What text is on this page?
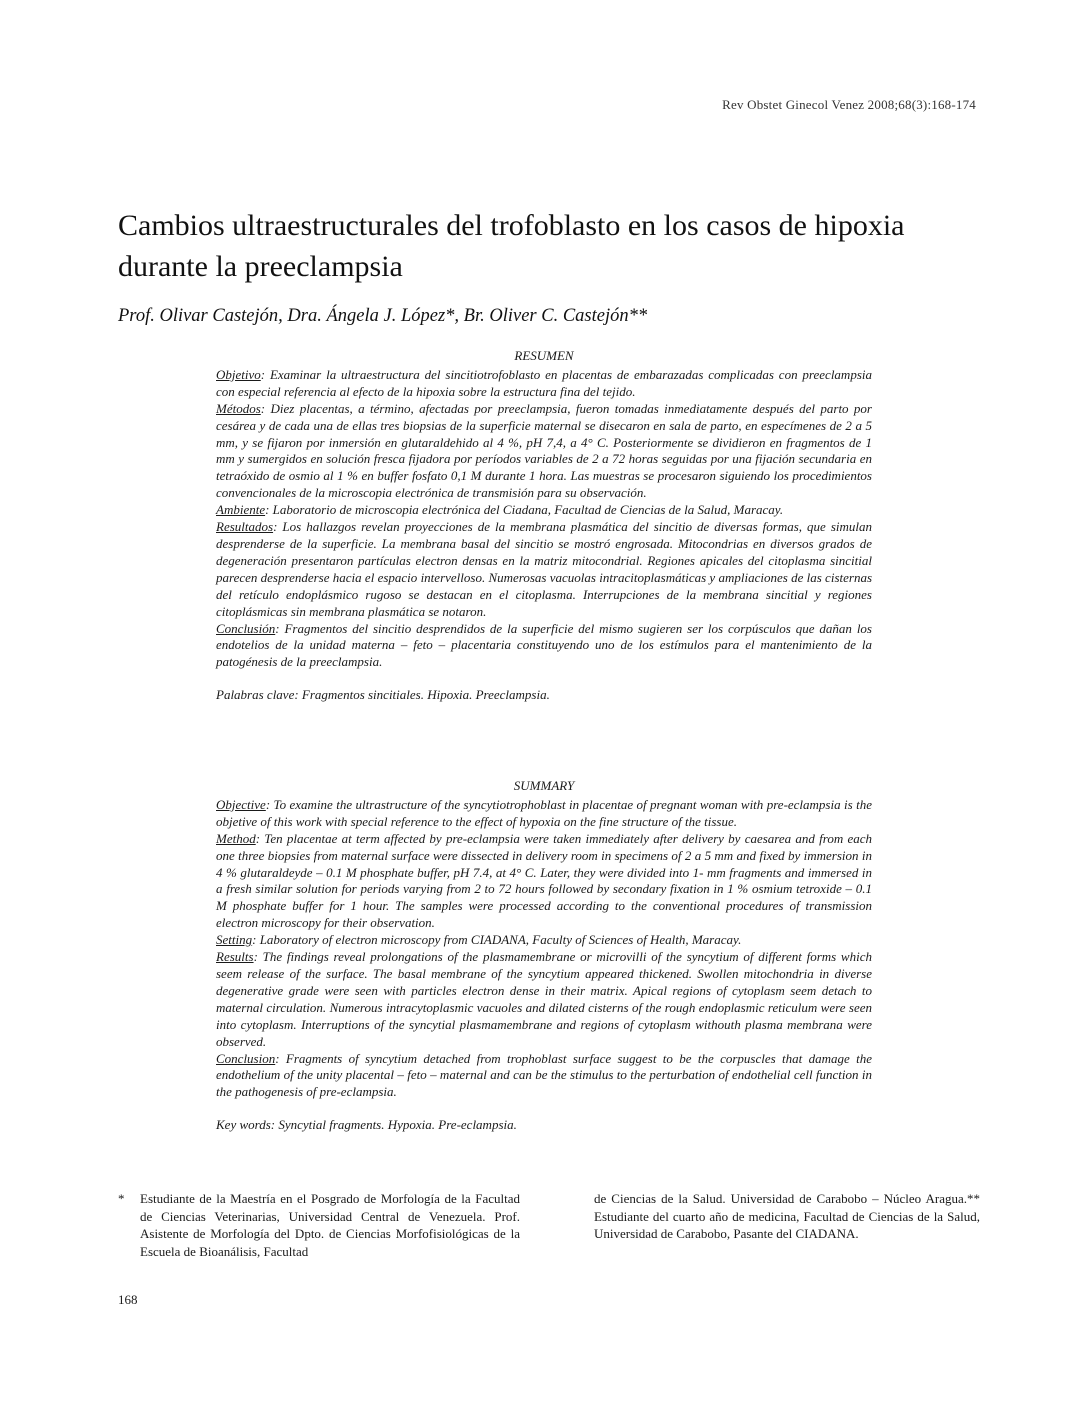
Rev Obstet Ginecol Venez 2008;68(3):168-174
Cambios ultraestructurales del trofoblasto en los casos de hipoxia durante la preeclampsia
Prof. Olivar Castejón, Dra. Ángela J. López*, Br. Oliver C. Castejón**

RESUMEN

Objetivo: Examinar la ultraestructura del sincitiotrofoblasto en placentas de embarazadas complicadas con preeclampsia con especial referencia al efecto de la hipoxia sobre la estructura fina del tejido.

Métodos: Diez placentas, a término, afectadas por preeclampsia, fueron tomadas inmediatamente después del parto por cesárea y de cada una de ellas tres biopsias de la superficie maternal se disecaron en sala de parto, en especímenes de 2 a 5 mm, y se fijaron por inmersión en glutaraldehido al 4 %, pH 7,4, a 4° C. Posteriormente se dividieron en fragmentos de 1 mm y sumergidos en solución fresca fijadora por períodos variables de 2 a 72 horas seguidas por una fijación secundaria en tetraóxido de osmio al 1 % en buffer fosfato 0,1 M durante 1 hora. Las muestras se procesaron siguiendo los procedimientos convencionales de la microscopia electrónica de transmisión para su observación.

Ambiente: Laboratorio de microscopia electrónica del Ciadana, Facultad de Ciencias de la Salud, Maracay.

Resultados: Los hallazgos revelan proyecciones de la membrana plasmática del sincitio de diversas formas, que simulan desprenderse de la superficie. La membrana basal del sincitio se mostró engrosada. Mitocondrias en diversos grados de degeneración presentaron partículas electron densas en la matriz mitocondrial. Regiones apicales del citoplasma sincitial parecen desprenderse hacia el espacio intervelloso. Numerosas vacuolas intracitoplasmáticas y ampliaciones de las cisternas del retículo endoplásmico rugoso se destacan en el citoplasma. Interrupciones de la membrana sincitial y regiones citoplásmicas sin membrana plasmática se notaron.

Conclusión: Fragmentos del sincitio desprendidos de la superficie del mismo sugieren ser los corpúsculos que dañan los endotelios de la unidad materna – feto – placentaria constituyendo uno de los estímulos para el mantenimiento de la patogénesis de la preeclampsia.

Palabras clave: Fragmentos sincitiales. Hipoxia. Preeclampsia.

SUMMARY

Objective: To examine the ultrastructure of the syncytiotrophoblast in placentae of pregnant woman with pre-eclampsia is the objetive of this work with special reference to the effect of hypoxia on the fine structure of the tissue.

Method: Ten placentae at term affected by pre-eclampsia were taken immediately after delivery by caesarea and from each one three biopsies from maternal surface were dissected in delivery room in specimens of 2 a 5 mm and fixed by immersion in 4 % glutaraldeyde – 0.1 M phosphate buffer, pH 7.4, at 4° C. Later, they were divided into 1- mm fragments and immersed in a fresh similar solution for periods varying from 2 to 72 hours followed by secondary fixation in 1 % osmium tetroxide – 0.1 M phosphate buffer for 1 hour. The samples were processed according to the conventional procedures of transmission electron microscopy for their observation.

Setting: Laboratory of electron microscopy from CIADANA, Faculty of Sciences of Health, Maracay.

Results: The findings reveal prolongations of the plasmamembrane or microvilli of the syncytium of different forms which seem release of the surface. The basal membrane of the syncytium appeared thickened. Swollen mitochondria in diverse degenerative grade were seen with particles electron dense in their matrix. Apical regions of cytoplasm seem detach to maternal circulation. Numerous intracytoplasmic vacuoles and dilated cisterns of the rough endoplasmic reticulum were seen into cytoplasm. Interruptions of the syncytial plasmamembrane and regions of cytoplasm withouth plasma membrana were observed.

Conclusion: Fragments of syncytium detached from trophoblast surface suggest to be the corpuscles that damage the endothelium of the unity placental – feto – maternal and can be the stimulus to the perturbation of endothelial cell function in the pathogenesis of pre-eclampsia.

Key words: Syncytial fragments. Hypoxia. Pre-eclampsia.

* Estudiante de la Maestría en el Posgrado de Morfología de la Facultad de Ciencias Veterinarias, Universidad Central de Venezuela. Prof. Asistente de Morfología del Dpto. de Ciencias Morfofisiológicas de la Escuela de Bioanálisis, Facultad
de Ciencias de la Salud. Universidad de Carabobo – Núcleo Aragua.** Estudiante del cuarto año de medicina, Facultad de Ciencias de la Salud, Universidad de Carabobo, Pasante del CIADANA.
168
